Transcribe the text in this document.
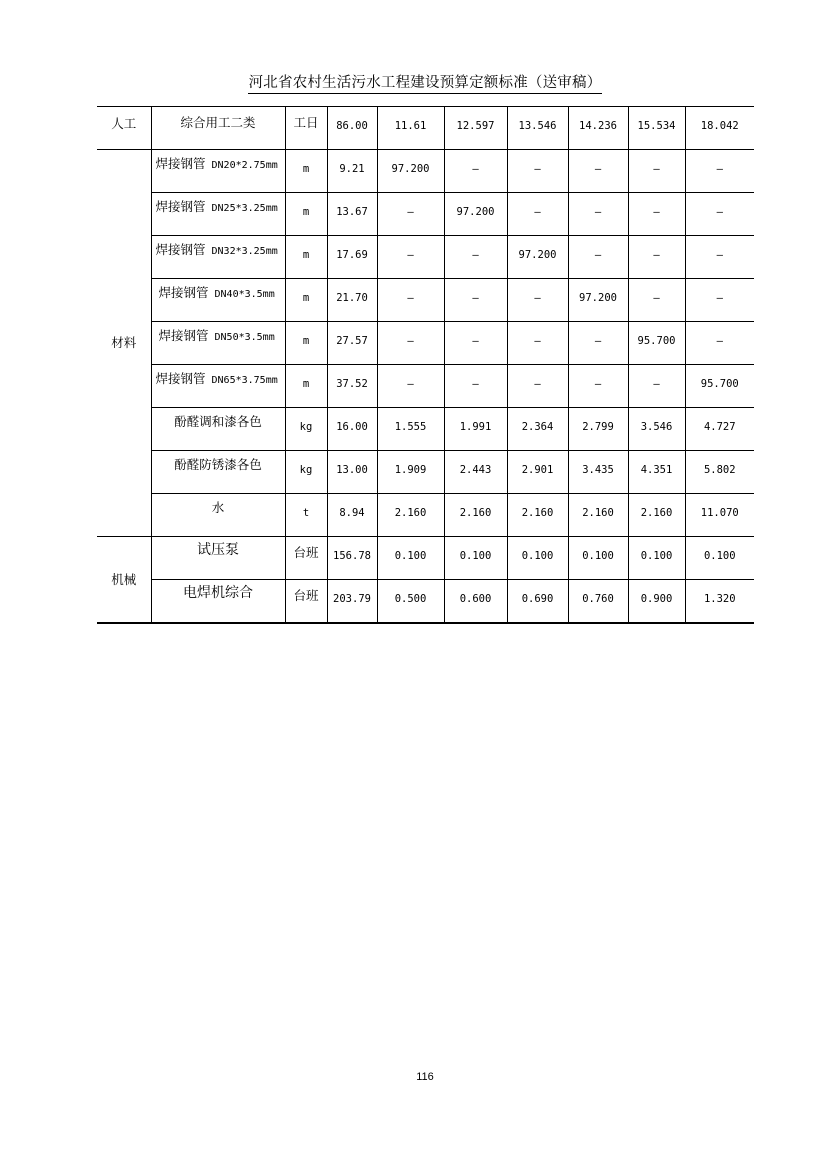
河北省农村生活污水工程建设预算定额标准（送审稿）
人工	综合用工二类	工日	86.00	11.61	12.597	13.546	14.236	15.534	18.042

材料	焊接钢管 DN20*2.75mm	m	9.21	97.200	–	–	–	–	–

	焊接钢管 DN25*3.25mm	m	13.67	–	97.200	–	–	–	–

	焊接钢管 DN32*3.25mm	m	17.69	–	–	97.200	–	–	–

	焊接钢管 DN40*3.5mm	m	21.70	–	–	–	97.200	–	–

	焊接钢管 DN50*3.5mm	m	27.57	–	–	–	–	95.700	–

	焊接钢管 DN65*3.75mm	m	37.52	–	–	–	–	–	95.700

	酚醛调和漆各色	kg	16.00	1.555	1.991	2.364	2.799	3.546	4.727

	酚醛防锈漆各色	kg	13.00	1.909	2.443	2.901	3.435	4.351	5.802

	水	t	8.94	2.160	2.160	2.160	2.160	2.160	11.070

机械	试压泵	台班	156.78	0.100	0.100	0.100	0.100	0.100	0.100

	电焊机综合	台班	203.79	0.500	0.600	0.690	0.760	0.900	1.320
116
